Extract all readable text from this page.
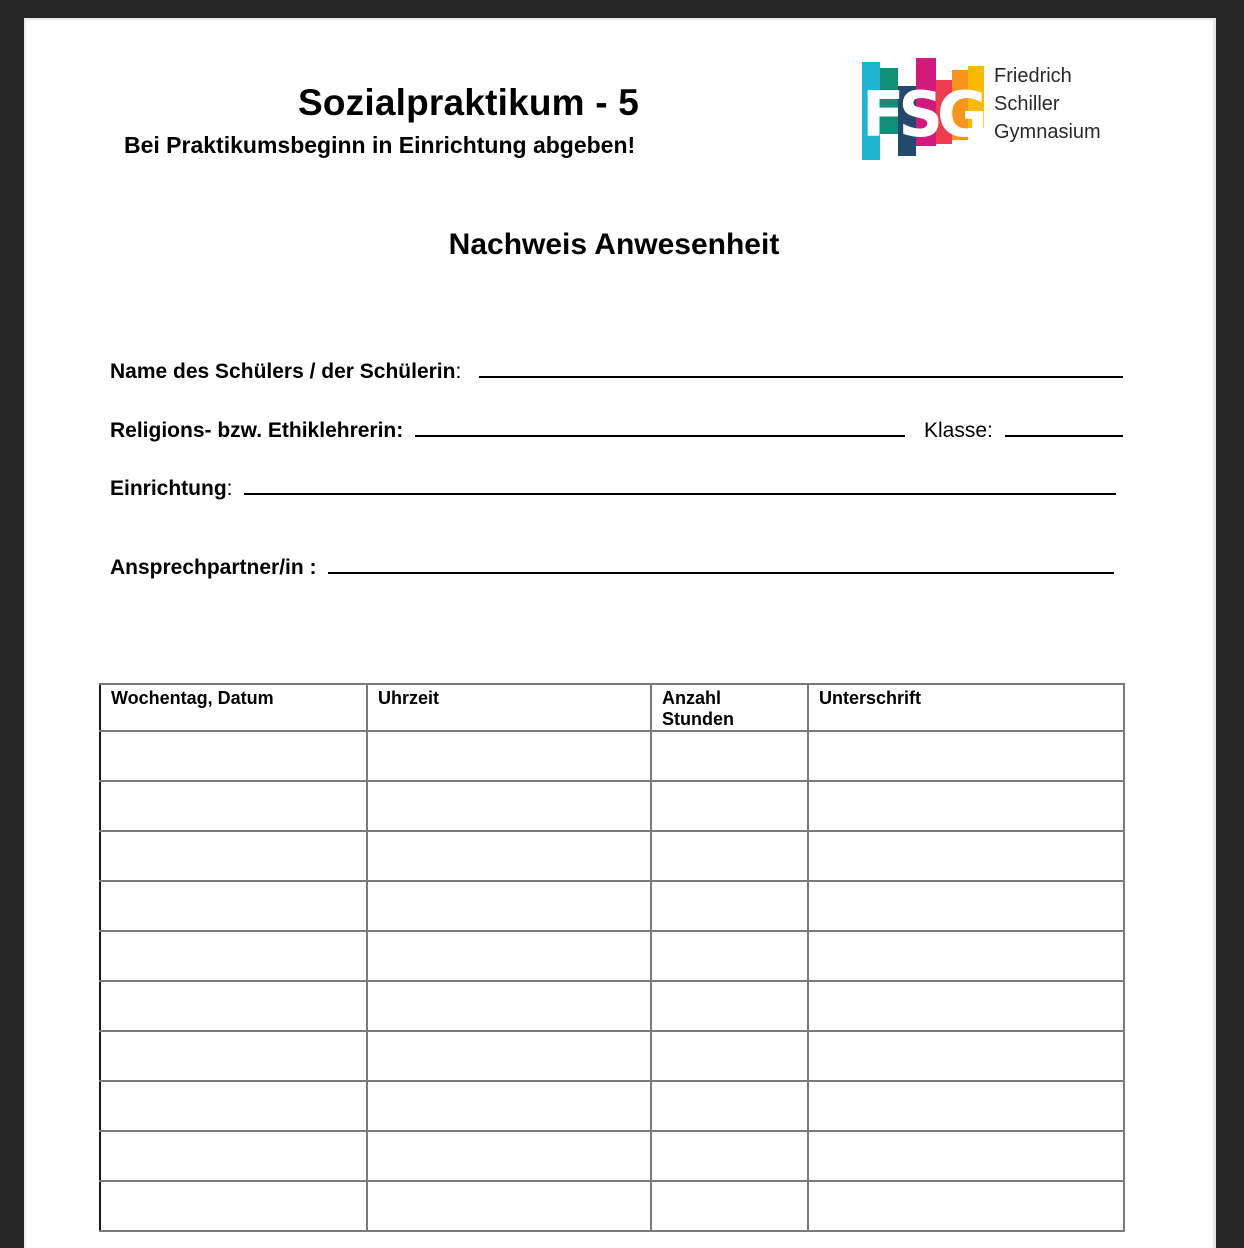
Sozialpraktikum - 5
Bei Praktikumsbeginn in Einrichtung abgeben!	FSG
Friedrich
Schiller
Gymnasium
Nachweis Anwesenheit
Name des Schülers / der Schülerin:
Religions- bzw. Ethiklehrerin:	Klasse:
Einrichtung:
Ansprechpartner/in :
Wochentag, Datum	Uhrzeit	Anzahl Stunden	Unterschrift
